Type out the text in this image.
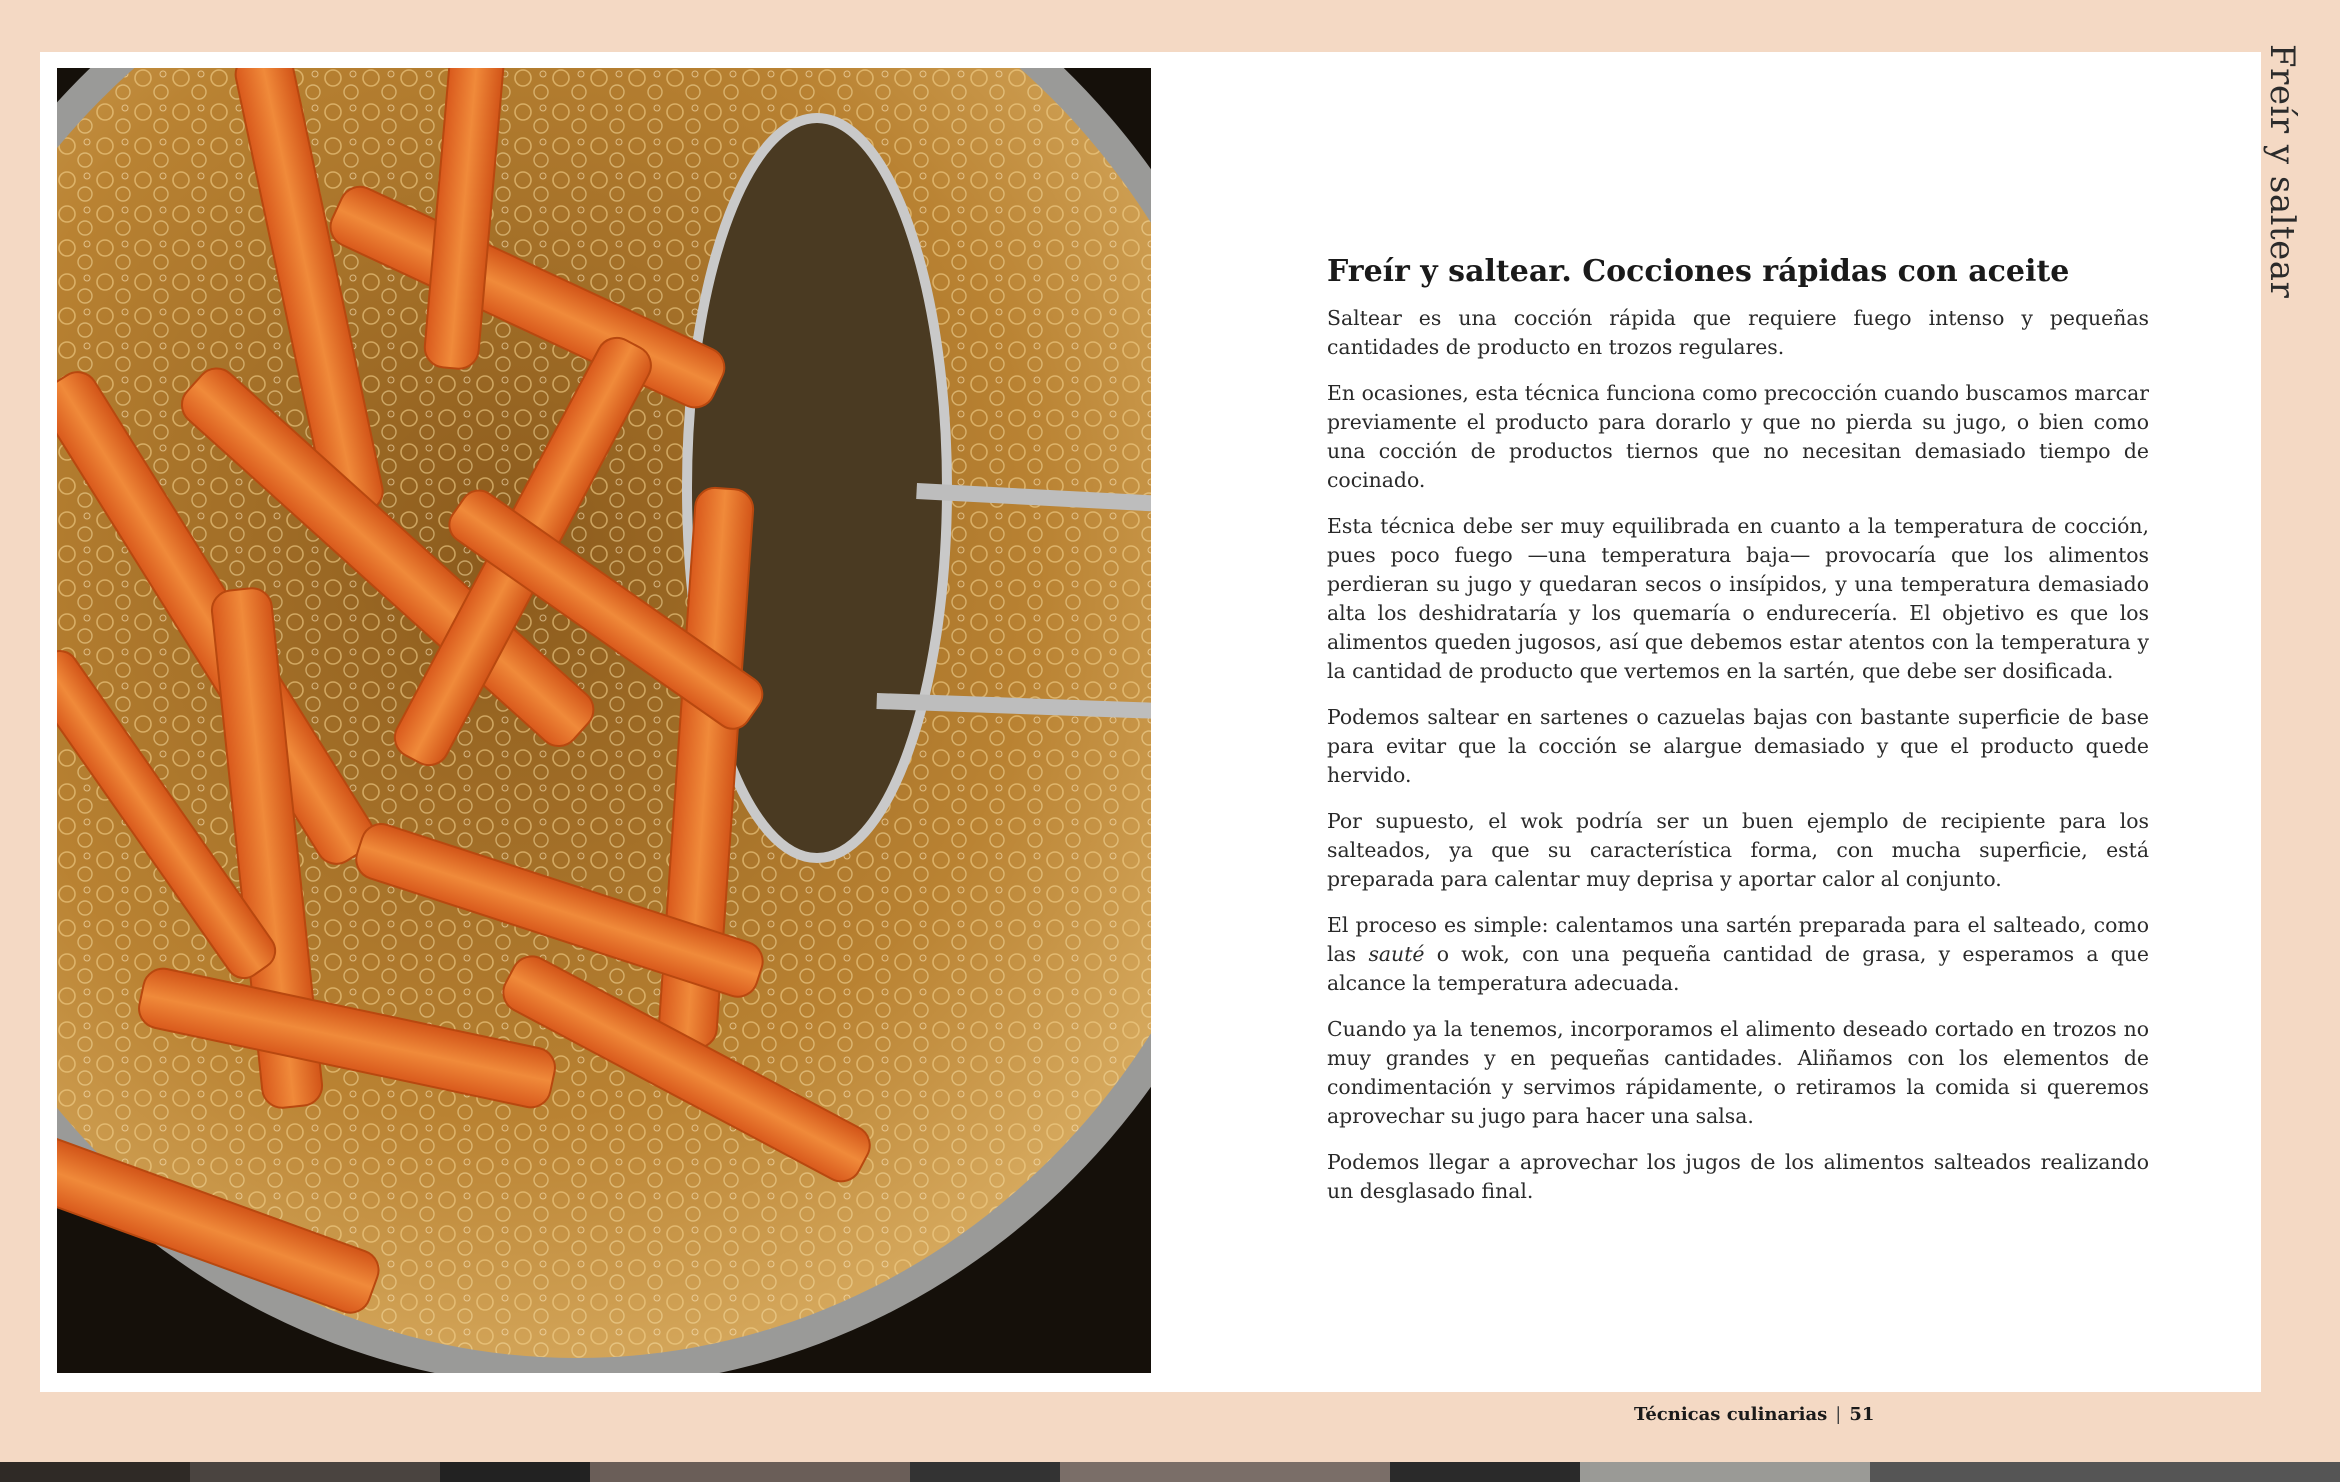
Freír y saltear
Freír y saltear. Cocciones rápidas con aceite

Saltear es una cocción rápida que requiere fuego intenso y pequeñas cantidades de producto en trozos regulares.

En ocasiones, esta técnica funciona como precocción cuando buscamos marcar previamente el producto para dorarlo y que no pierda su jugo, o bien como una cocción de productos tiernos que no necesitan demasiado tiempo de cocinado.

Esta técnica debe ser muy equilibrada en cuanto a la temperatura de cocción, pues poco fuego —una temperatura baja— provocaría que los alimentos perdieran su jugo y quedaran secos o insípidos, y una temperatura demasiado alta los deshidrataría y los quemaría o endurecería. El objetivo es que los alimentos queden jugosos, así que debemos estar atentos con la temperatura y la cantidad de producto que vertemos en la sartén, que debe ser dosificada.

Podemos saltear en sartenes o cazuelas bajas con bastante superficie de base para evitar que la cocción se alargue demasiado y que el producto quede hervido.

Por supuesto, el wok podría ser un buen ejemplo de recipiente para los salteados, ya que su característica forma, con mucha superficie, está preparada para calentar muy deprisa y aportar calor al conjunto.

El proceso es simple: calentamos una sartén preparada para el salteado, como las sauté o wok, con una pequeña cantidad de grasa, y esperamos a que alcance la temperatura adecuada.

Cuando ya la tenemos, incorporamos el alimento deseado cortado en trozos no muy grandes y en pequeñas cantidades. Aliñamos con los elementos de condimentación y servimos rápidamente, o retiramos la comida si queremos aprovechar su jugo para hacer una salsa.

Podemos llegar a aprovechar los jugos de los alimentos salteados realizando un desglasado final.

Técnicas culinarias | 51
